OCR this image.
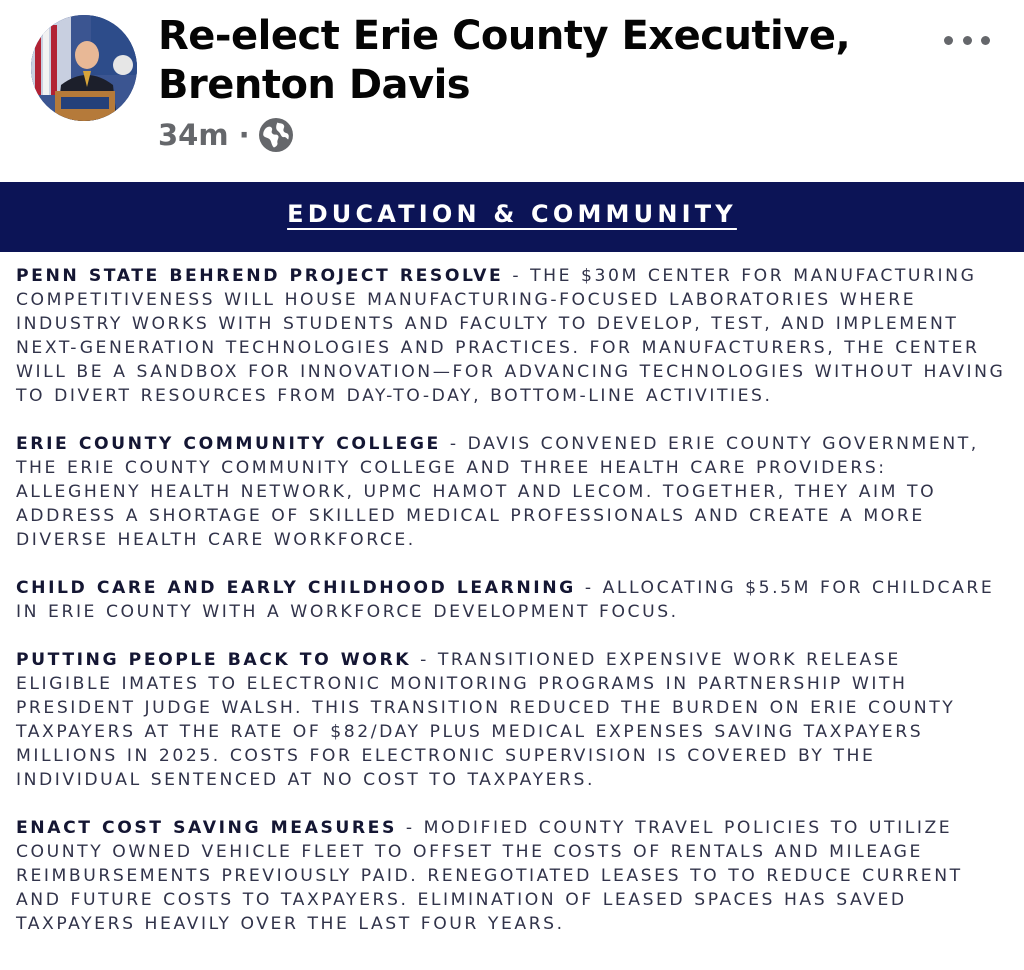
Re-elect Erie County Executive, Brenton Davis
34m ·
EDUCATION & COMMUNITY

PENN STATE BEHREND PROJECT RESOLVE - THE $30M CENTER FOR MANUFACTURING COMPETITIVENESS WILL HOUSE MANUFACTURING-FOCUSED LABORATORIES WHERE INDUSTRY WORKS WITH STUDENTS AND FACULTY TO DEVELOP, TEST, AND IMPLEMENT NEXT-GENERATION TECHNOLOGIES AND PRACTICES. FOR MANUFACTURERS, THE CENTER WILL BE A SANDBOX FOR INNOVATION—FOR ADVANCING TECHNOLOGIES WITHOUT HAVING TO DIVERT RESOURCES FROM DAY-TO-DAY, BOTTOM-LINE ACTIVITIES.

ERIE COUNTY COMMUNITY COLLEGE - DAVIS CONVENED ERIE COUNTY GOVERNMENT, THE ERIE COUNTY COMMUNITY COLLEGE AND THREE HEALTH CARE PROVIDERS: ALLEGHENY HEALTH NETWORK, UPMC HAMOT AND LECOM. TOGETHER, THEY AIM TO ADDRESS A SHORTAGE OF SKILLED MEDICAL PROFESSIONALS AND CREATE A MORE DIVERSE HEALTH CARE WORKFORCE.

CHILD CARE AND EARLY CHILDHOOD LEARNING - ALLOCATING $5.5M FOR CHILDCARE IN ERIE COUNTY WITH A WORKFORCE DEVELOPMENT FOCUS.

PUTTING PEOPLE BACK TO WORK - TRANSITIONED EXPENSIVE WORK RELEASE ELIGIBLE IMATES TO ELECTRONIC MONITORING PROGRAMS IN PARTNERSHIP WITH PRESIDENT JUDGE WALSH. THIS TRANSITION REDUCED THE BURDEN ON ERIE COUNTY TAXPAYERS AT THE RATE OF $82/DAY PLUS MEDICAL EXPENSES SAVING TAXPAYERS MILLIONS IN 2025. COSTS FOR ELECTRONIC SUPERVISION IS COVERED BY THE INDIVIDUAL SENTENCED AT NO COST TO TAXPAYERS.

ENACT COST SAVING MEASURES - MODIFIED COUNTY TRAVEL POLICIES TO UTILIZE COUNTY OWNED VEHICLE FLEET TO OFFSET THE COSTS OF RENTALS AND MILEAGE REIMBURSEMENTS PREVIOUSLY PAID. RENEGOTIATED LEASES TO TO REDUCE CURRENT AND FUTURE COSTS TO TAXPAYERS. ELIMINATION OF LEASED SPACES HAS SAVED TAXPAYERS HEAVILY OVER THE LAST FOUR YEARS.
